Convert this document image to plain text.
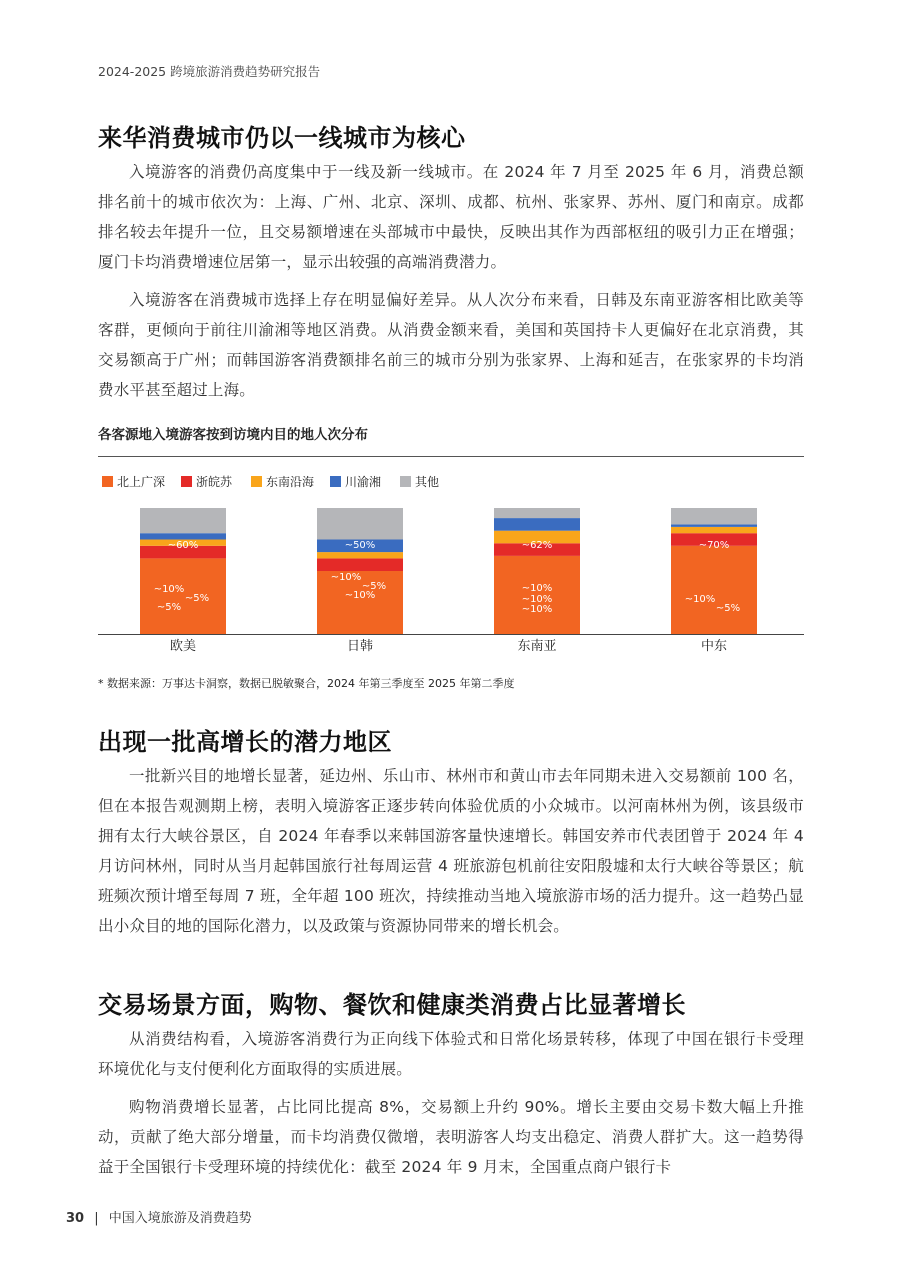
2024-2025 跨境旅游消费趋势研究报告
来华消费城市仍以一线城市为核心

入境游客的消费仍高度集中于一线及新一线城市。在 2024 年 7 月至 2025 年 6 月，消费总额排名前十的城市依次为：上海、广州、北京、深圳、成都、杭州、张家界、苏州、厦门和南京。成都排名较去年提升一位，且交易额增速在头部城市中最快，反映出其作为西部枢纽的吸引力正在增强；厦门卡均消费增速位居第一，显示出较强的高端消费潜力。

入境游客在消费城市选择上存在明显偏好差异。从人次分布来看，日韩及东南亚游客相比欧美等客群，更倾向于前往川渝湘等地区消费。从消费金额来看，美国和英国持卡人更偏好在北京消费，其交易额高于广州；而韩国游客消费额排名前三的城市分别为张家界、上海和延吉，在张家界的卡均消费水平甚至超过上海。

各客源地入境游客按到访境内目的地人次分布
北上广深	浙皖苏	东南沿海	川渝湘	其他
欧美	日韩	东南亚	中东
~60%
~10%
~5%
~5%
~50%
~10%
~5%
~10%
~62%
~10%
~10%
~10%
~70%
~10%
~5%
* 数据来源：万事达卡洞察，数据已脱敏聚合，2024 年第三季度至 2025 年第二季度
出现一批高增长的潜力地区

一批新兴目的地增长显著，延边州、乐山市、林州市和黄山市去年同期未进入交易额前 100 名，但在本报告观测期上榜，表明入境游客正逐步转向体验优质的小众城市。以河南林州为例，该县级市拥有太行大峡谷景区，自 2024 年春季以来韩国游客量快速增长。韩国安养市代表团曾于 2024 年 4 月访问林州，同时从当月起韩国旅行社每周运营 4 班旅游包机前往安阳殷墟和太行大峡谷等景区；航班频次预计增至每周 7 班，全年超 100 班次，持续推动当地入境旅游市场的活力提升。这一趋势凸显出小众目的地的国际化潜力，以及政策与资源协同带来的增长机会。

交易场景方面，购物、餐饮和健康类消费占比显著增长

从消费结构看，入境游客消费行为正向线下体验式和日常化场景转移，体现了中国在银行卡受理环境优化与支付便利化方面取得的实质进展。

购物消费增长显著，占比同比提高 8%，交易额上升约 90%。增长主要由交易卡数大幅上升推动，贡献了绝大部分增量，而卡均消费仅微增，表明游客人均支出稳定、消费人群扩大。这一趋势得益于全国银行卡受理环境的持续优化：截至 2024 年 9 月末，全国重点商户银行卡

30 | 中国入境旅游及消费趋势
